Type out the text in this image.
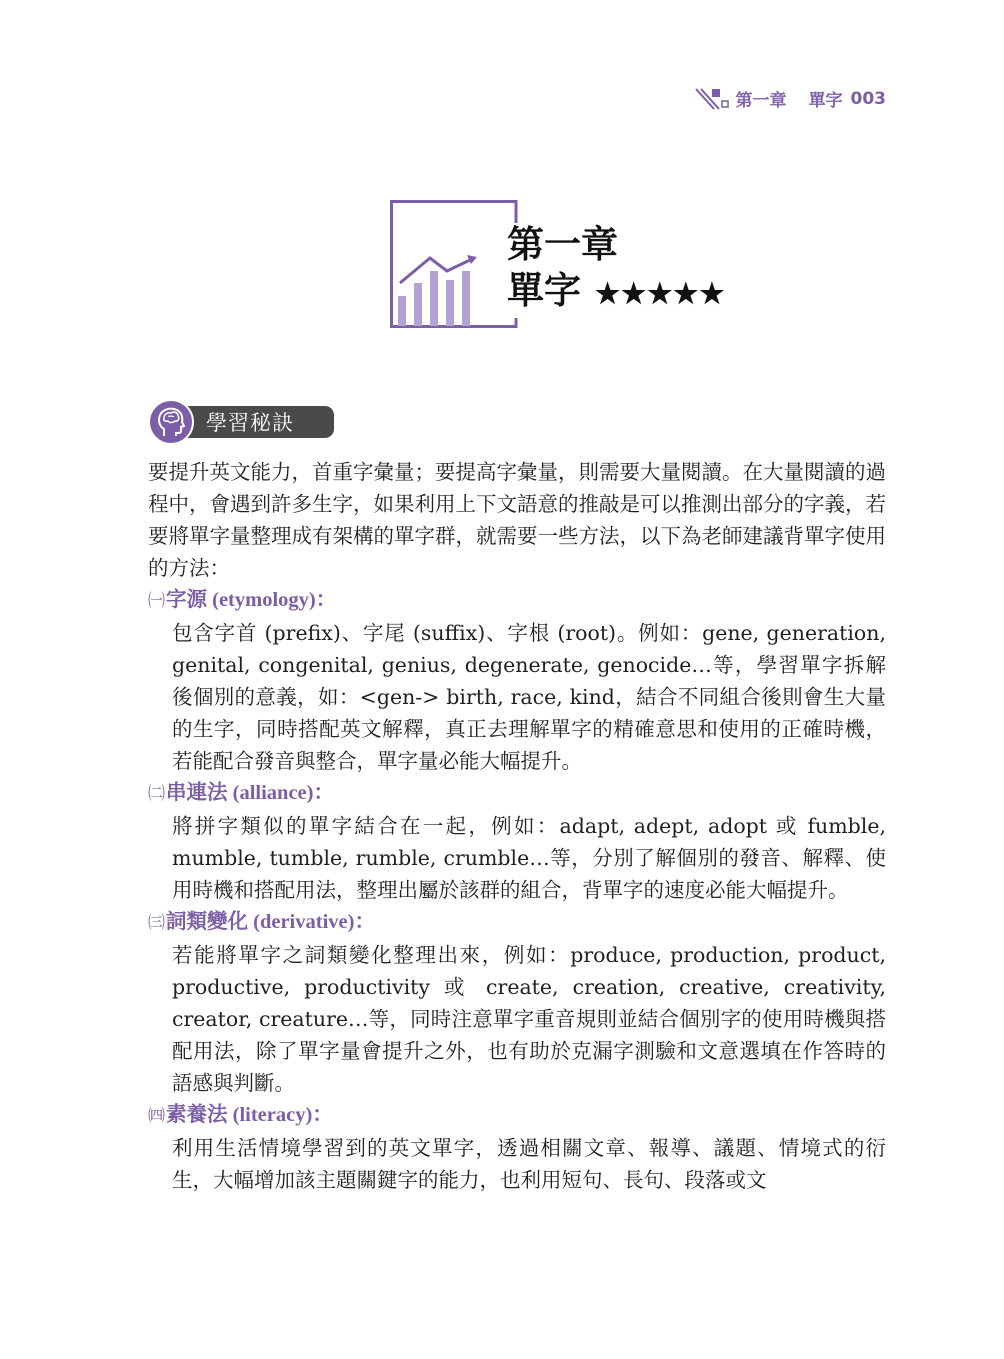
第一章 單字 003
第一章
單字 ★★★★★
學習秘訣

要提升英文能力，首重字彙量；要提高字彙量，則需要大量閱讀。在大量閱讀的過程中，會遇到許多生字，如果利用上下文語意的推敲是可以推測出部分的字義，若要將單字量整理成有架構的單字群，就需要一些方法，以下為老師建議背單字使用的方法：

㈠字源 (etymology)：

包含字首 (prefix)、字尾 (suffix)、字根 (root)。例如：gene, generation, genital, congenital, genius, degenerate, genocide…等，學習單字拆解後個別的意義，如：<gen-> birth, race, kind，結合不同組合後則會生大量的生字，同時搭配英文解釋，真正去理解單字的精確意思和使用的正確時機，若能配合發音與整合，單字量必能大幅提升。

㈡串連法 (alliance)：

將拼字類似的單字結合在一起，例如：adapt, adept, adopt 或 fumble, mumble, tumble, rumble, crumble…等，分別了解個別的發音、解釋、使用時機和搭配用法，整理出屬於該群的組合，背單字的速度必能大幅提升。

㈢詞類變化 (derivative)：

若能將單字之詞類變化整理出來，例如：produce, production, product, productive, productivity 或 create, creation, creative, creativity, creator, creature…等，同時注意單字重音規則並結合個別字的使用時機與搭配用法，除了單字量會提升之外，也有助於克漏字測驗和文意選填在作答時的語感與判斷。

㈣素養法 (literacy)：

利用生活情境學習到的英文單字，透過相關文章、報導、議題、情境式的衍生，大幅增加該主題關鍵字的能力，也利用短句、長句、段落或文
